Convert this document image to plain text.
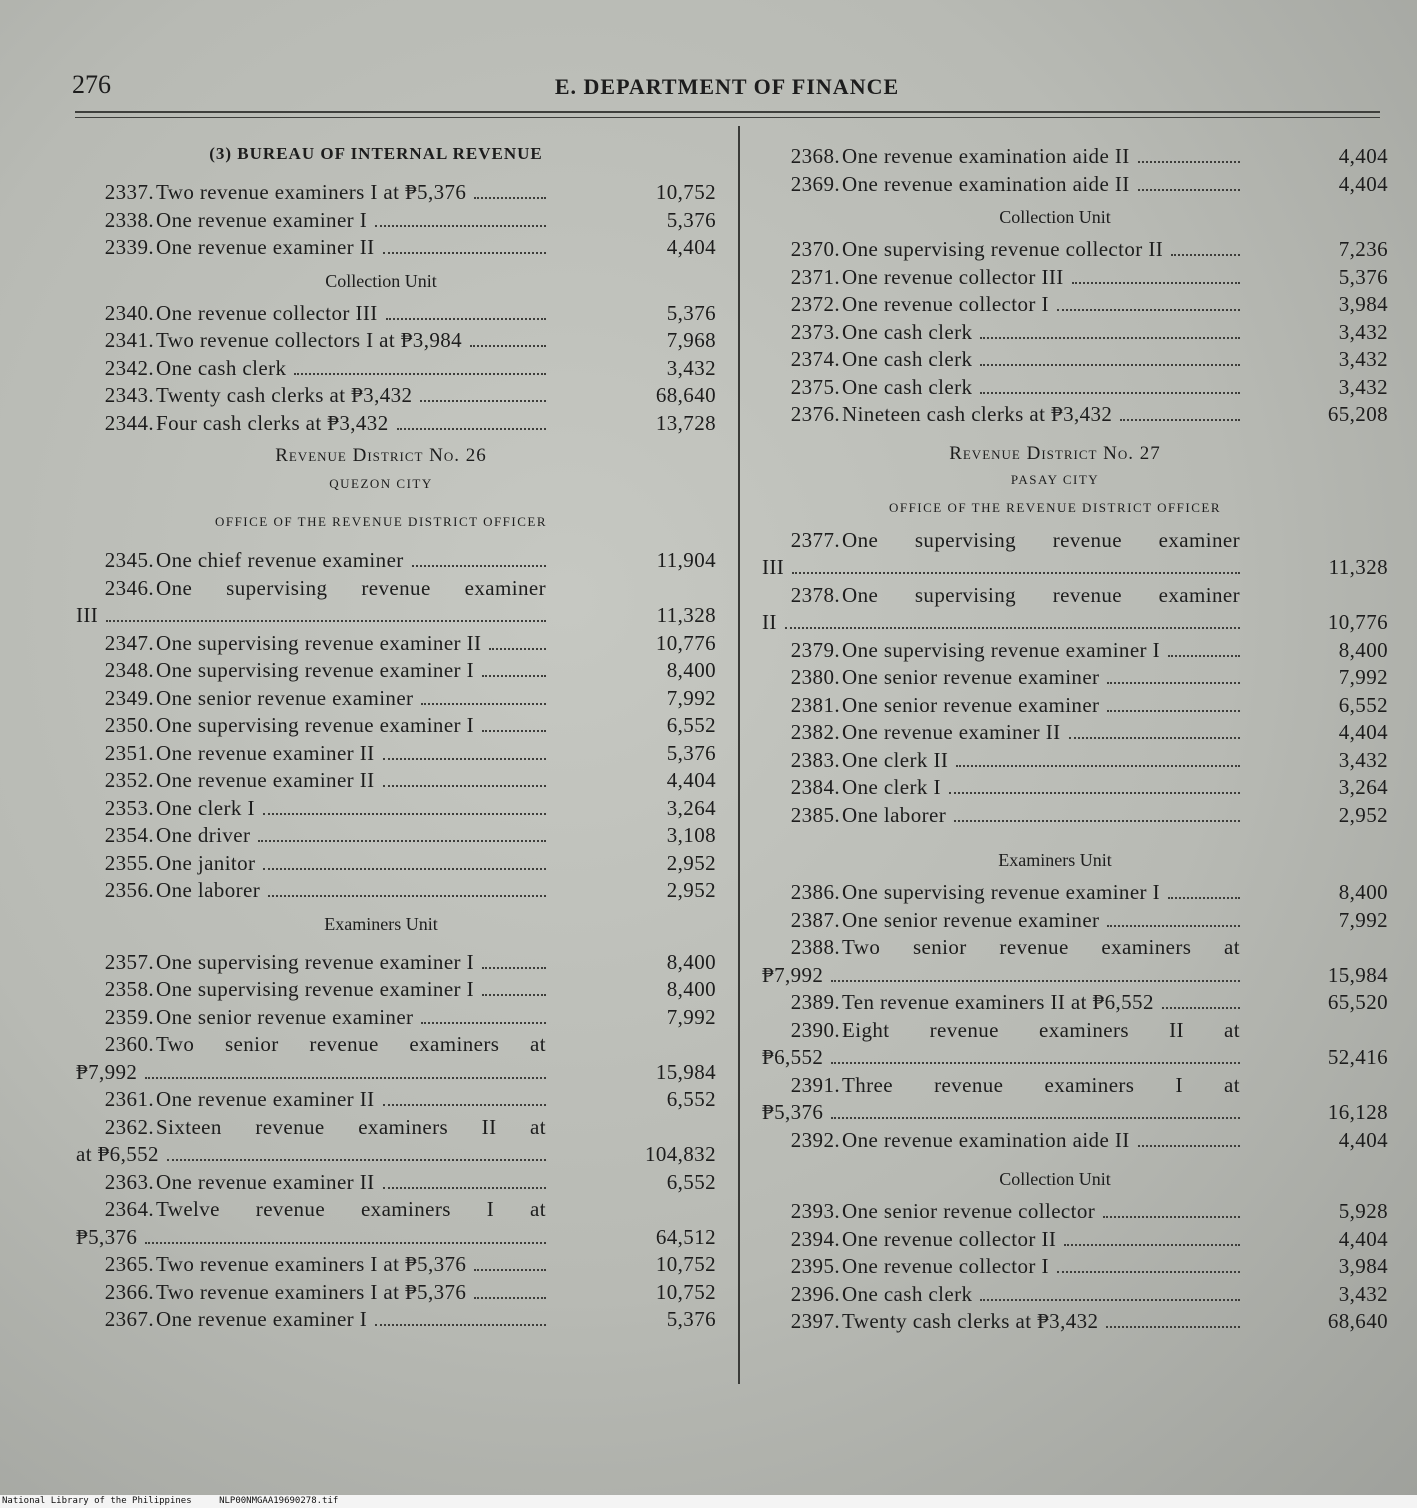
276	E. DEPARTMENT OF FINANCE
(3) BUREAU OF INTERNAL REVENUE
2337. Two revenue examiners I at ₱5,376	10,752
2338. One revenue examiner I	5,376
2339. One revenue examiner II	4,404
Collection Unit
2340. One revenue collector III	5,376
2341. Two revenue collectors I at ₱3,984	7,968
2342. One cash clerk	3,432
2343. Twenty cash clerks at ₱3,432	68,640
2344. Four cash clerks at ₱3,432	13,728
Revenue District No. 26
QUEZON CITY
OFFICE OF THE REVENUE DISTRICT OFFICER
2345. One chief revenue examiner	11,904
2346. One supervising revenue examiner
III	11,328
2347. One supervising revenue examiner II	10,776
2348. One supervising revenue examiner I	8,400
2349. One senior revenue examiner	7,992
2350. One supervising revenue examiner I	6,552
2351. One revenue examiner II	5,376
2352. One revenue examiner II	4,404
2353. One clerk I	3,264
2354. One driver	3,108
2355. One janitor	2,952
2356. One laborer	2,952
Examiners Unit
2357. One supervising revenue examiner I	8,400
2358. One supervising revenue examiner I	8,400
2359. One senior revenue examiner	7,992
2360. Two senior revenue examiners at
₱7,992	15,984
2361. One revenue examiner II	6,552
2362. Sixteen revenue examiners II at
at ₱6,552	104,832
2363. One revenue examiner II	6,552
2364. Twelve revenue examiners I at
₱5,376	64,512
2365. Two revenue examiners I at ₱5,376	10,752
2366. Two revenue examiners I at ₱5,376	10,752
2367. One revenue examiner I	5,376
2368. One revenue examination aide II	4,404
2369. One revenue examination aide II	4,404
Collection Unit
2370. One supervising revenue collector II	7,236
2371. One revenue collector III	5,376
2372. One revenue collector I	3,984
2373. One cash clerk	3,432
2374. One cash clerk	3,432
2375. One cash clerk	3,432
2376. Nineteen cash clerks at ₱3,432	65,208
Revenue District No. 27
PASAY CITY
OFFICE OF THE REVENUE DISTRICT OFFICER
2377. One supervising revenue examiner
III	11,328
2378. One supervising revenue examiner
II	10,776
2379. One supervising revenue examiner I	8,400
2380. One senior revenue examiner	7,992
2381. One senior revenue examiner	6,552
2382. One revenue examiner II	4,404
2383. One clerk II	3,432
2384. One clerk I	3,264
2385. One laborer	2,952
Examiners Unit
2386. One supervising revenue examiner I	8,400
2387. One senior revenue examiner	7,992
2388. Two senior revenue examiners at
₱7,992	15,984
2389. Ten revenue examiners II at ₱6,552	65,520
2390. Eight revenue examiners II at
₱6,552	52,416
2391. Three revenue examiners I at
₱5,376	16,128
2392. One revenue examination aide II	4,404
Collection Unit
2393. One senior revenue collector	5,928
2394. One revenue collector II	4,404
2395. One revenue collector I	3,984
2396. One cash clerk	3,432
2397. Twenty cash clerks at ₱3,432	68,640
National Library of the Philippines	NLP00NMGAA19690278.tif
